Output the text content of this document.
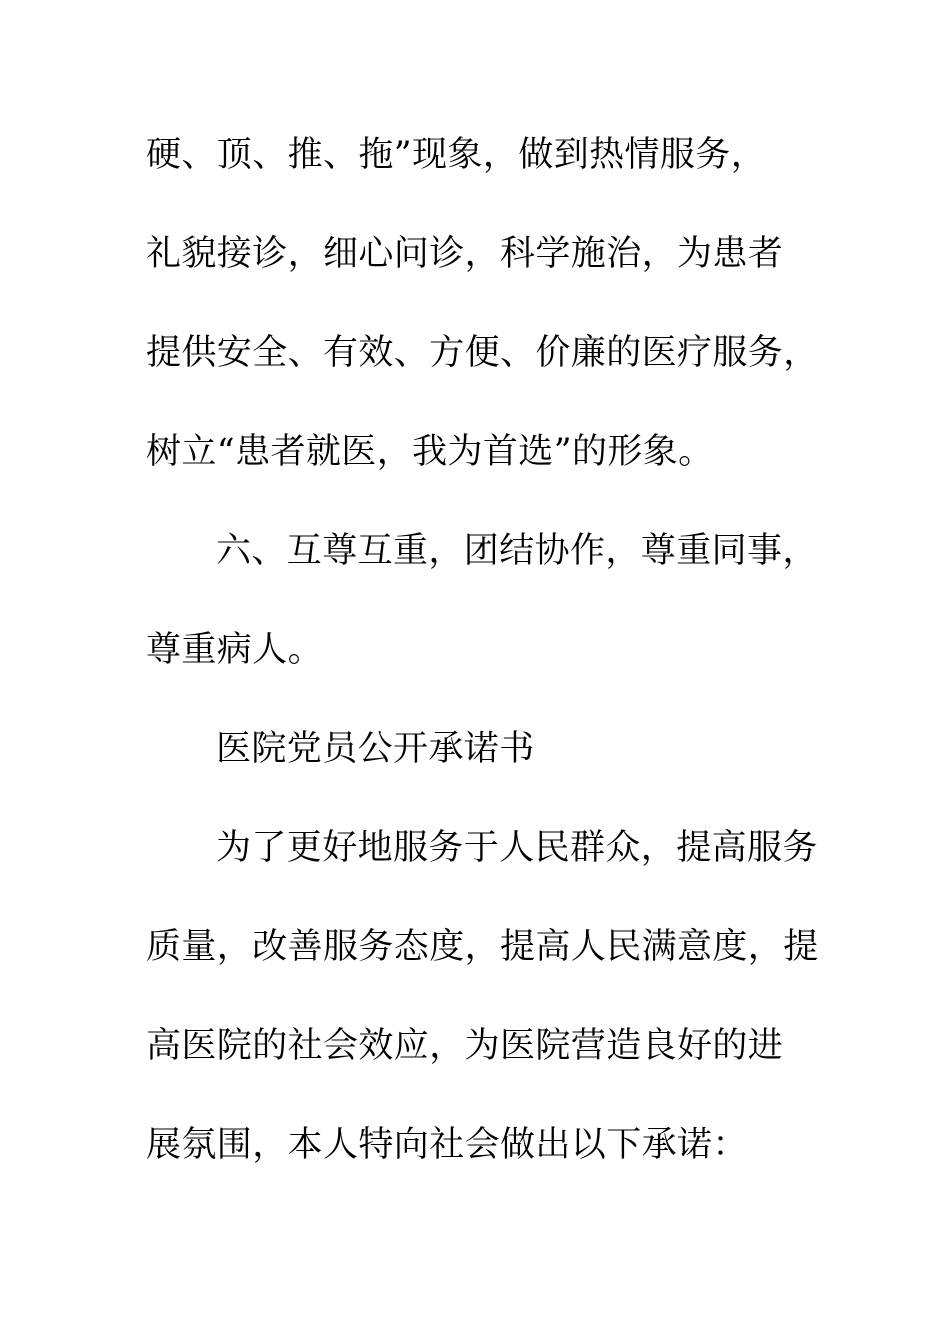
硬、顶、推、拖”现象，做到热情服务，
礼貌接诊，细心问诊，科学施治，为患者
提供安全、有效、方便、价廉的医疗服务，
树立“患者就医，我为首选”的形象。
六、互尊互重，团结协作，尊重同事，
尊重病人。
医院党员公开承诺书
为了更好地服务于人民群众，提高服务
质量，改善服务态度，提高人民满意度，提
高医院的社会效应，为医院营造良好的进
展氛围，本人特向社会做出以下承诺：
